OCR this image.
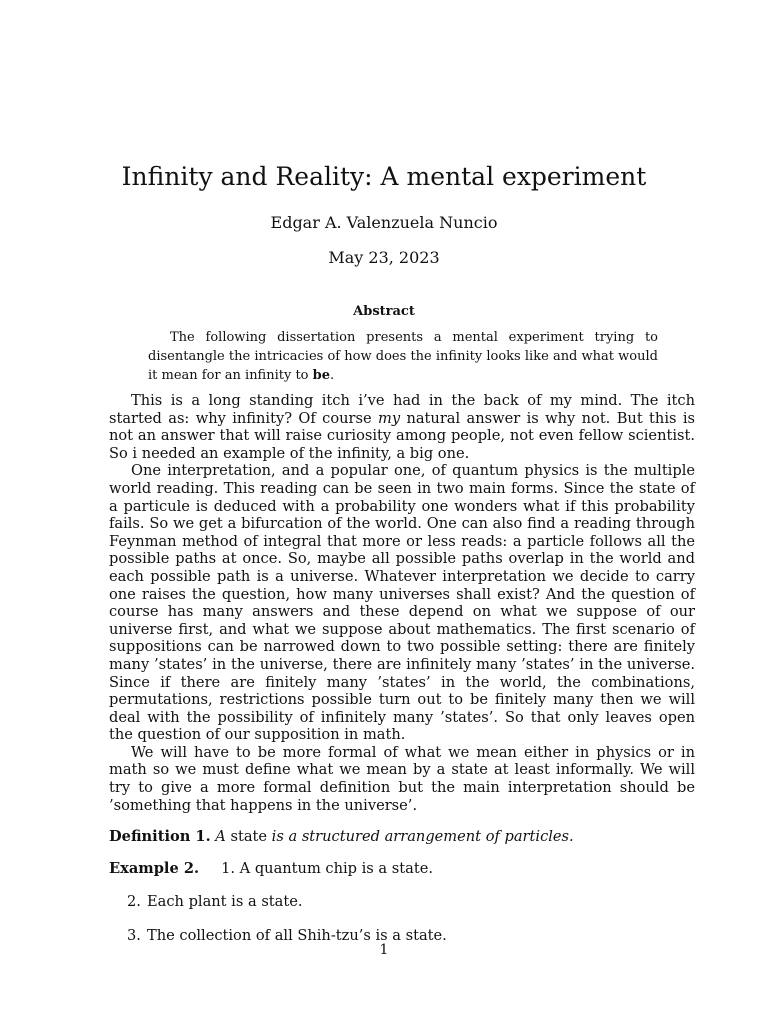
Infinity and Reality: A mental experiment
Edgar A. Valenzuela Nuncio
May 23, 2023
Abstract
The following dissertation presents a mental experiment trying to disentangle the intricacies of how does the infinity looks like and what would it mean for an infinity to be.

This is a long standing itch i’ve had in the back of my mind. The itch started as: why infinity? Of course my natural answer is why not. But this is not an answer that will raise curiosity among people, not even fellow scientist. So i needed an example of the infinity, a big one.

One interpretation, and a popular one, of quantum physics is the multiple world reading. This reading can be seen in two main forms. Since the state of a particule is deduced with a probability one wonders what if this probability fails. So we get a bifurcation of the world. One can also find a reading through Feynman method of integral that more or less reads: a particle follows all the possible paths at once. So, maybe all possible paths overlap in the world and each possible path is a universe. Whatever interpretation we decide to carry one raises the question, how many universes shall exist? And the question of course has many answers and these depend on what we suppose of our universe first, and what we suppose about mathematics. The first scenario of suppositions can be narrowed down to two possible setting: there are finitely many ’states’ in the universe, there are infinitely many ’states’ in the universe. Since if there are finitely many ’states’ in the world, the combinations, permutations, restrictions possible turn out to be finitely many then we will deal with the possibility of infinitely many ’states’. So that only leaves open the question of our supposition in math.

We will have to be more formal of what we mean either in physics or in math so we must define what we mean by a state at least informally. We will try to give a more formal definition but the main interpretation should be ’something that happens in the universe’.

Definition 1. A state is a structured arrangement of particles.
Example 2. 1. A quantum chip is a state.
2. Each plant is a state.
3. The collection of all Shih-tzu’s is a state.
1
